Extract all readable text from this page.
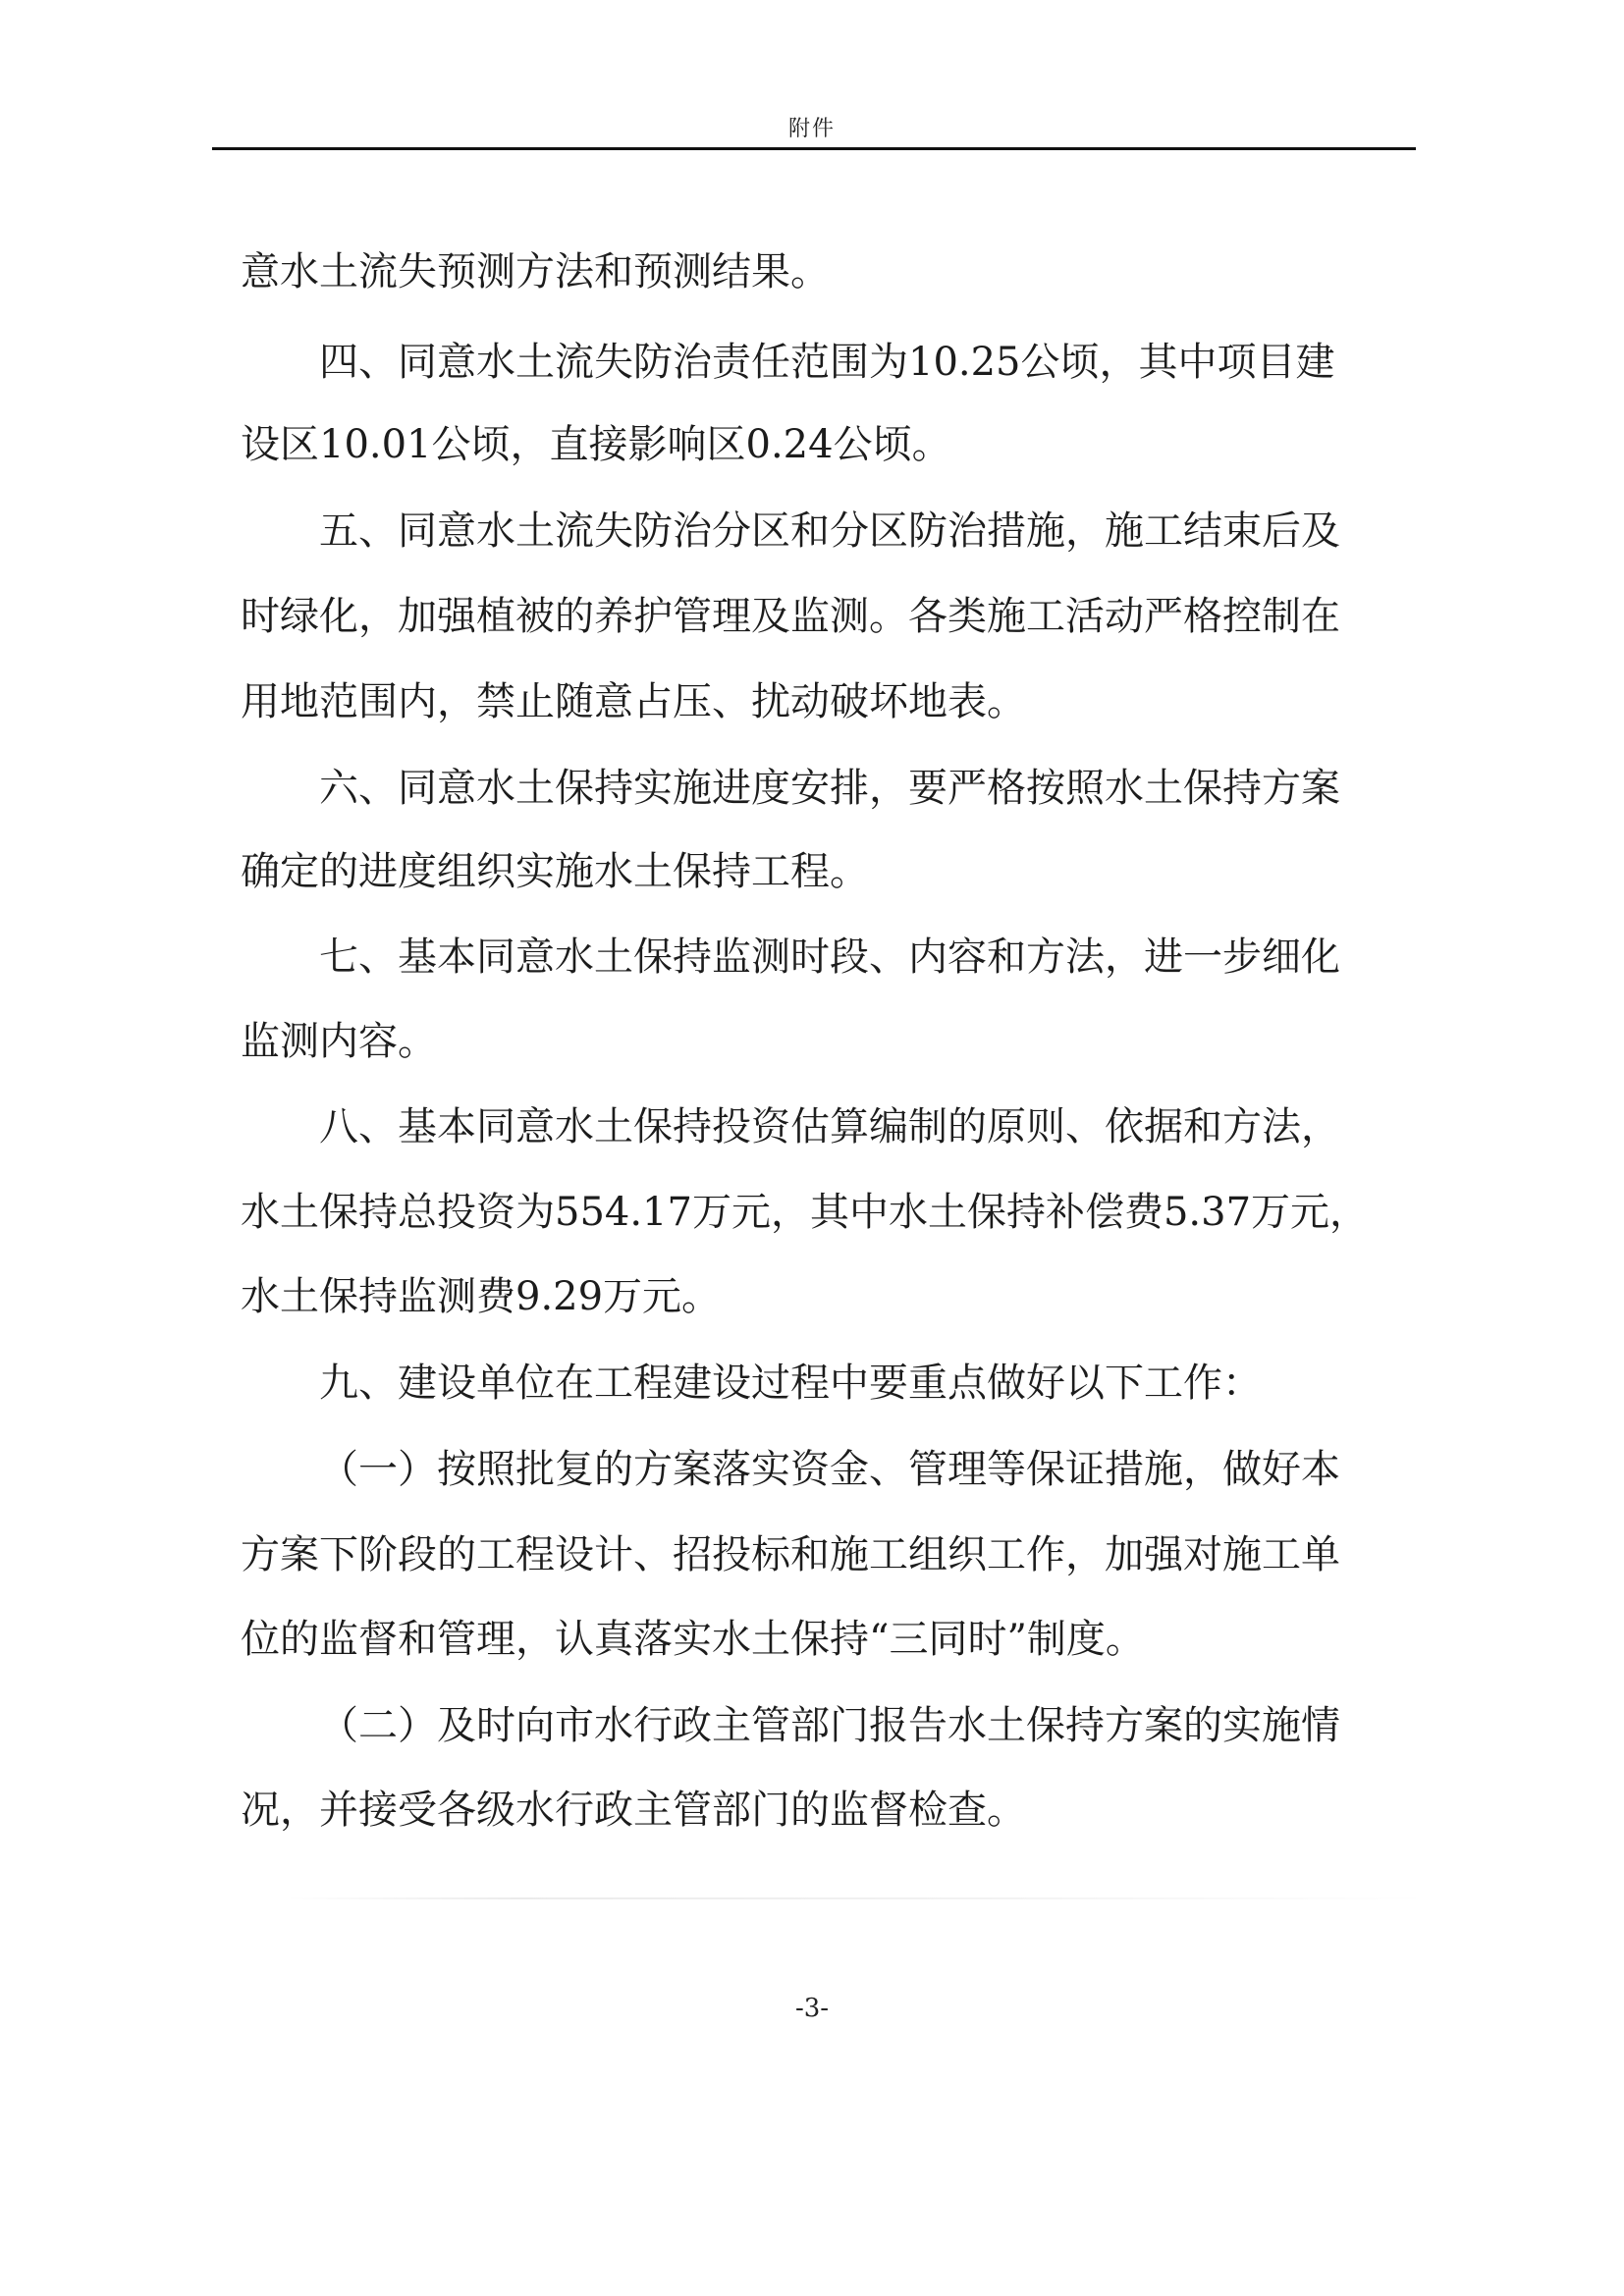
附件
意水土流失预测方法和预测结果。
四、同意水土流失防治责任范围为10.25公顷，其中项目建
设区10.01公顷，直接影响区0.24公顷。
五、同意水土流失防治分区和分区防治措施，施工结束后及
时绿化，加强植被的养护管理及监测。各类施工活动严格控制在
用地范围内，禁止随意占压、扰动破坏地表。
六、同意水土保持实施进度安排，要严格按照水土保持方案
确定的进度组织实施水土保持工程。
七、基本同意水土保持监测时段、内容和方法，进一步细化
监测内容。
八、基本同意水土保持投资估算编制的原则、依据和方法，
水土保持总投资为554.17万元，其中水土保持补偿费5.37万元，
水土保持监测费9.29万元。
九、建设单位在工程建设过程中要重点做好以下工作：
（一）按照批复的方案落实资金、管理等保证措施，做好本
方案下阶段的工程设计、招投标和施工组织工作，加强对施工单
位的监督和管理，认真落实水土保持“三同时”制度。
（二）及时向市水行政主管部门报告水土保持方案的实施情
况，并接受各级水行政主管部门的监督检查。
-3-
